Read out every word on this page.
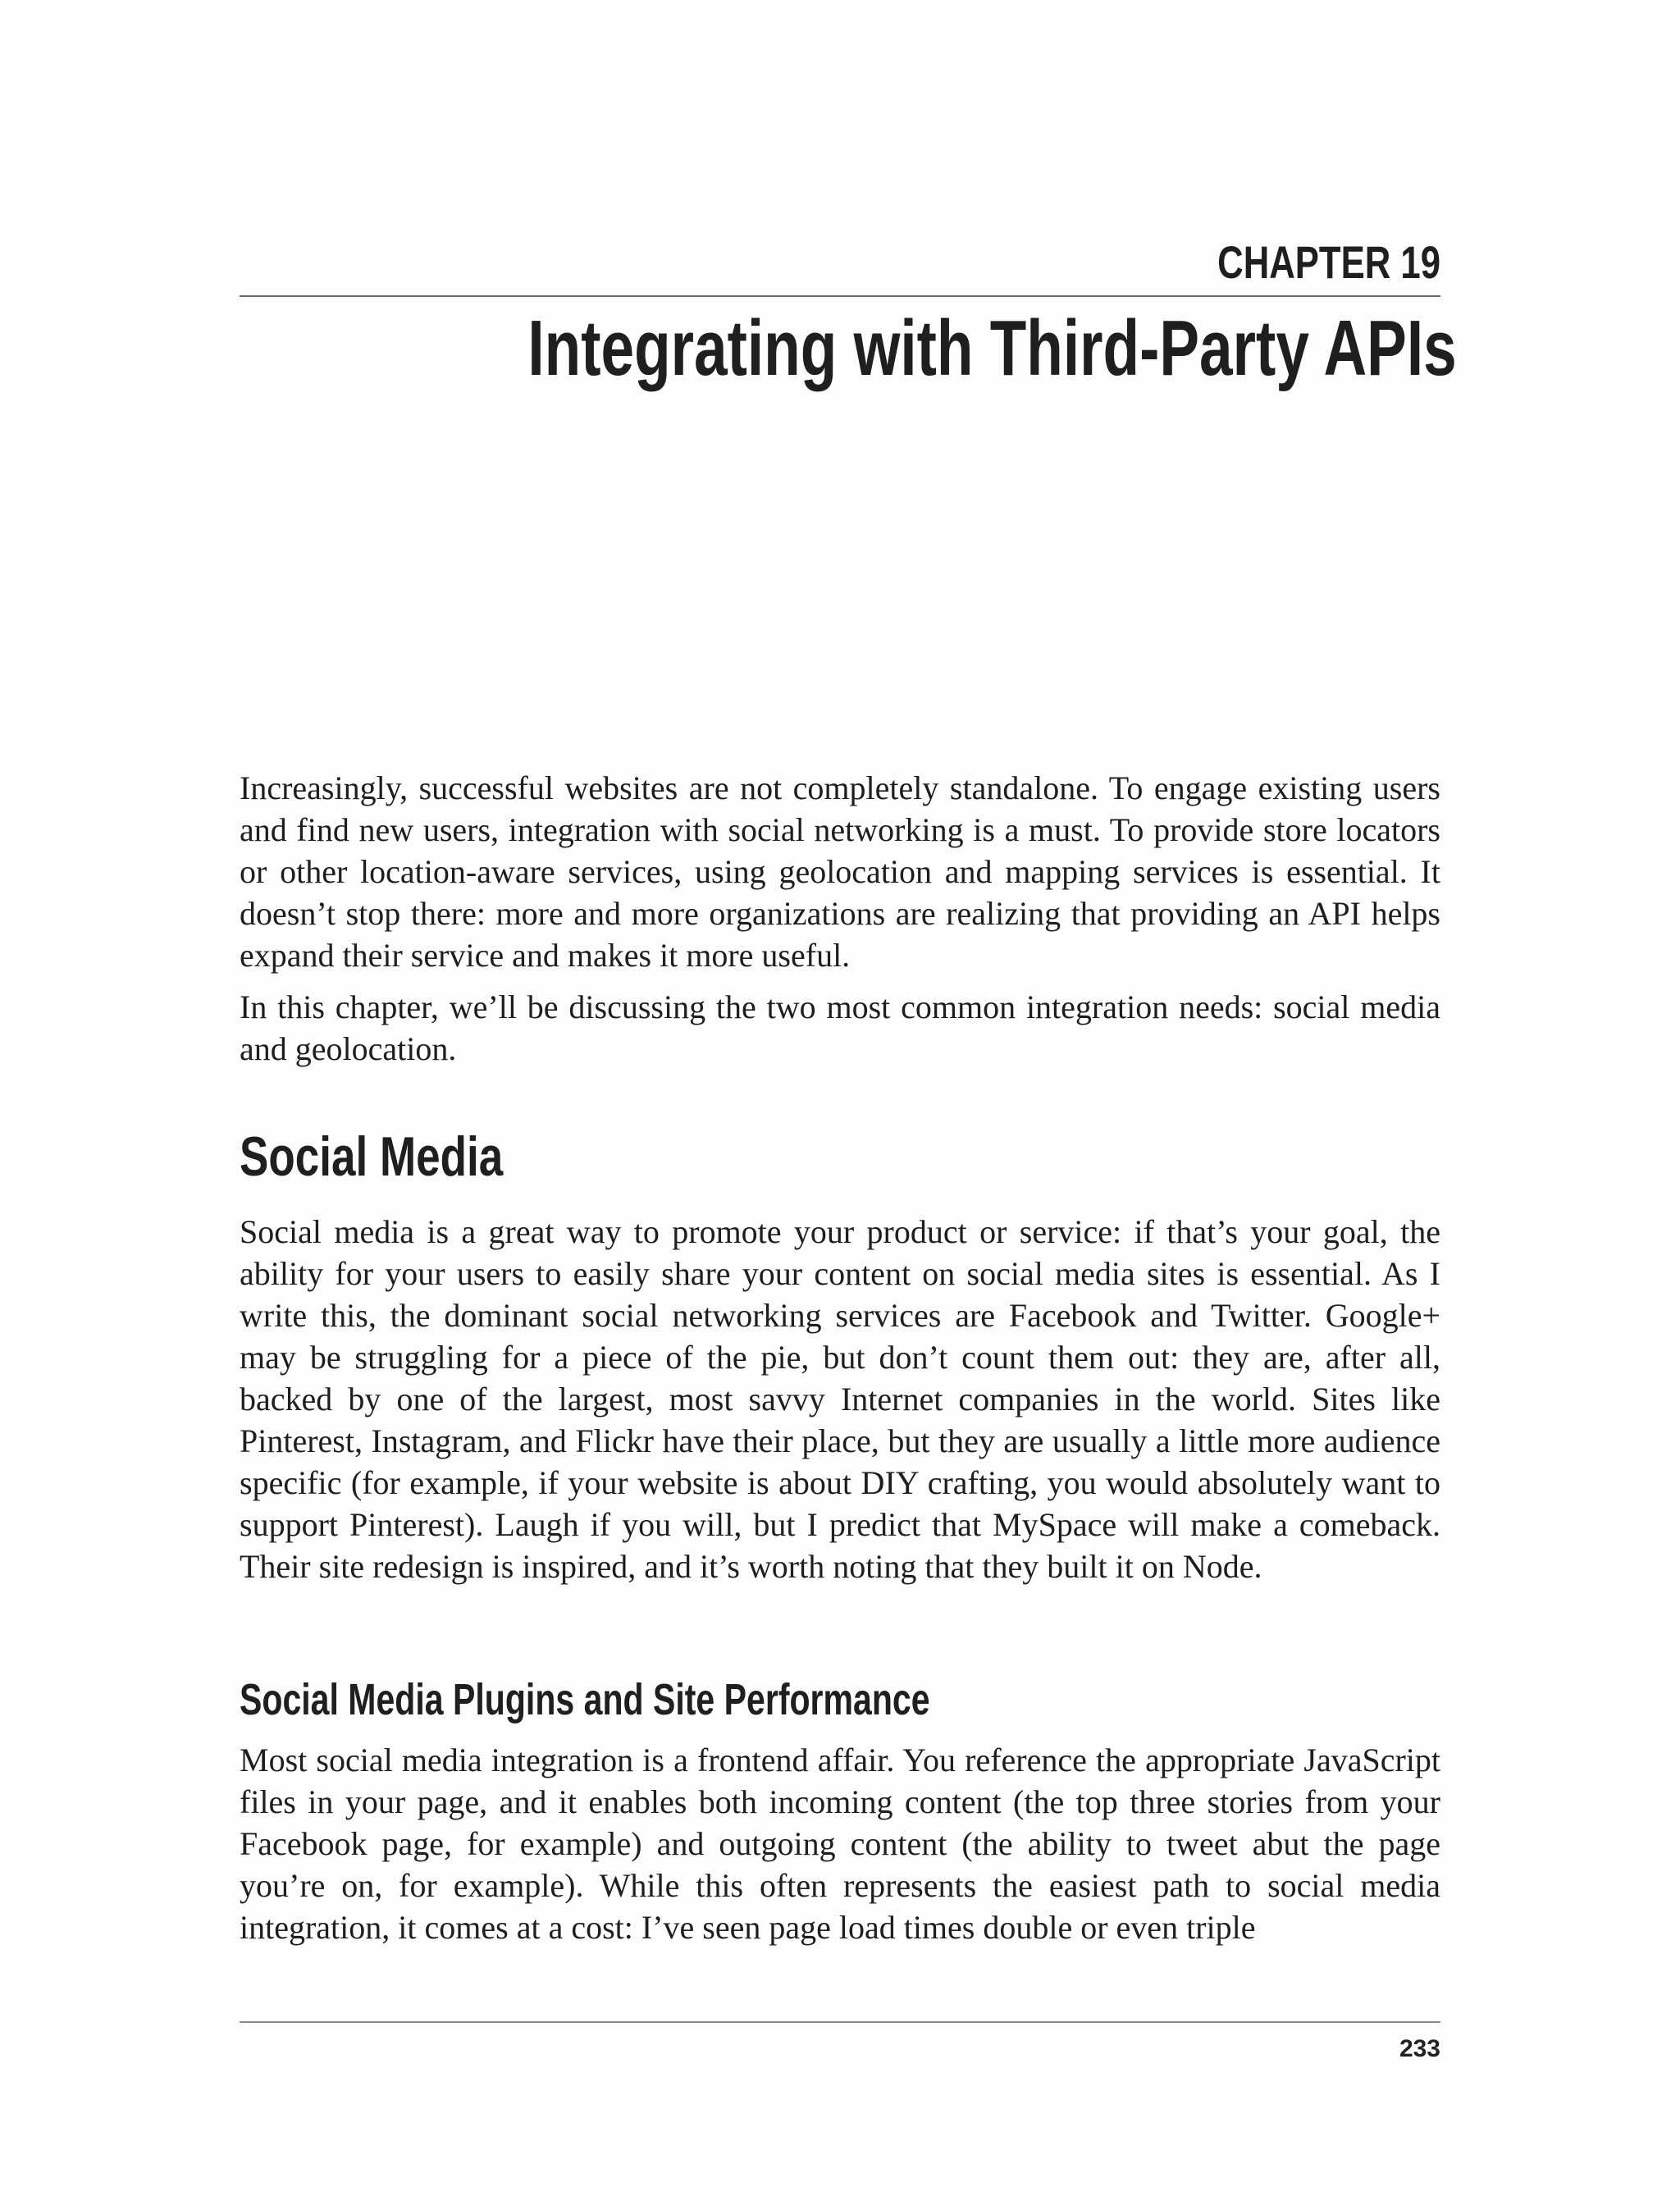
CHAPTER 19
Integrating with Third-Party APIs

Increasingly, successful websites are not completely standalone. To engage existing users and find new users, integration with social networking is a must. To provide store locators or other location-aware services, using geolocation and mapping services is essential. It doesn’t stop there: more and more organizations are realizing that providing an API helps expand their service and makes it more useful.

In this chapter, we’ll be discussing the two most common integration needs: social media and geolocation.

Social Media

Social media is a great way to promote your product or service: if that’s your goal, the ability for your users to easily share your content on social media sites is essential. As I write this, the dominant social networking services are Facebook and Twitter. Google+ may be struggling for a piece of the pie, but don’t count them out: they are, after all, backed by one of the largest, most savvy Internet companies in the world. Sites like Pinterest, Instagram, and Flickr have their place, but they are usually a little more audience specific (for example, if your website is about DIY crafting, you would absolutely want to support Pinterest). Laugh if you will, but I predict that MySpace will make a comeback. Their site redesign is inspired, and it’s worth noting that they built it on Node.

Social Media Plugins and Site Performance

Most social media integration is a frontend affair. You reference the appropriate JavaScript files in your page, and it enables both incoming content (the top three stories from your Facebook page, for example) and outgoing content (the ability to tweet abut the page you’re on, for example). While this often represents the easiest path to social media integration, it comes at a cost: I’ve seen page load times double or even triple

233
